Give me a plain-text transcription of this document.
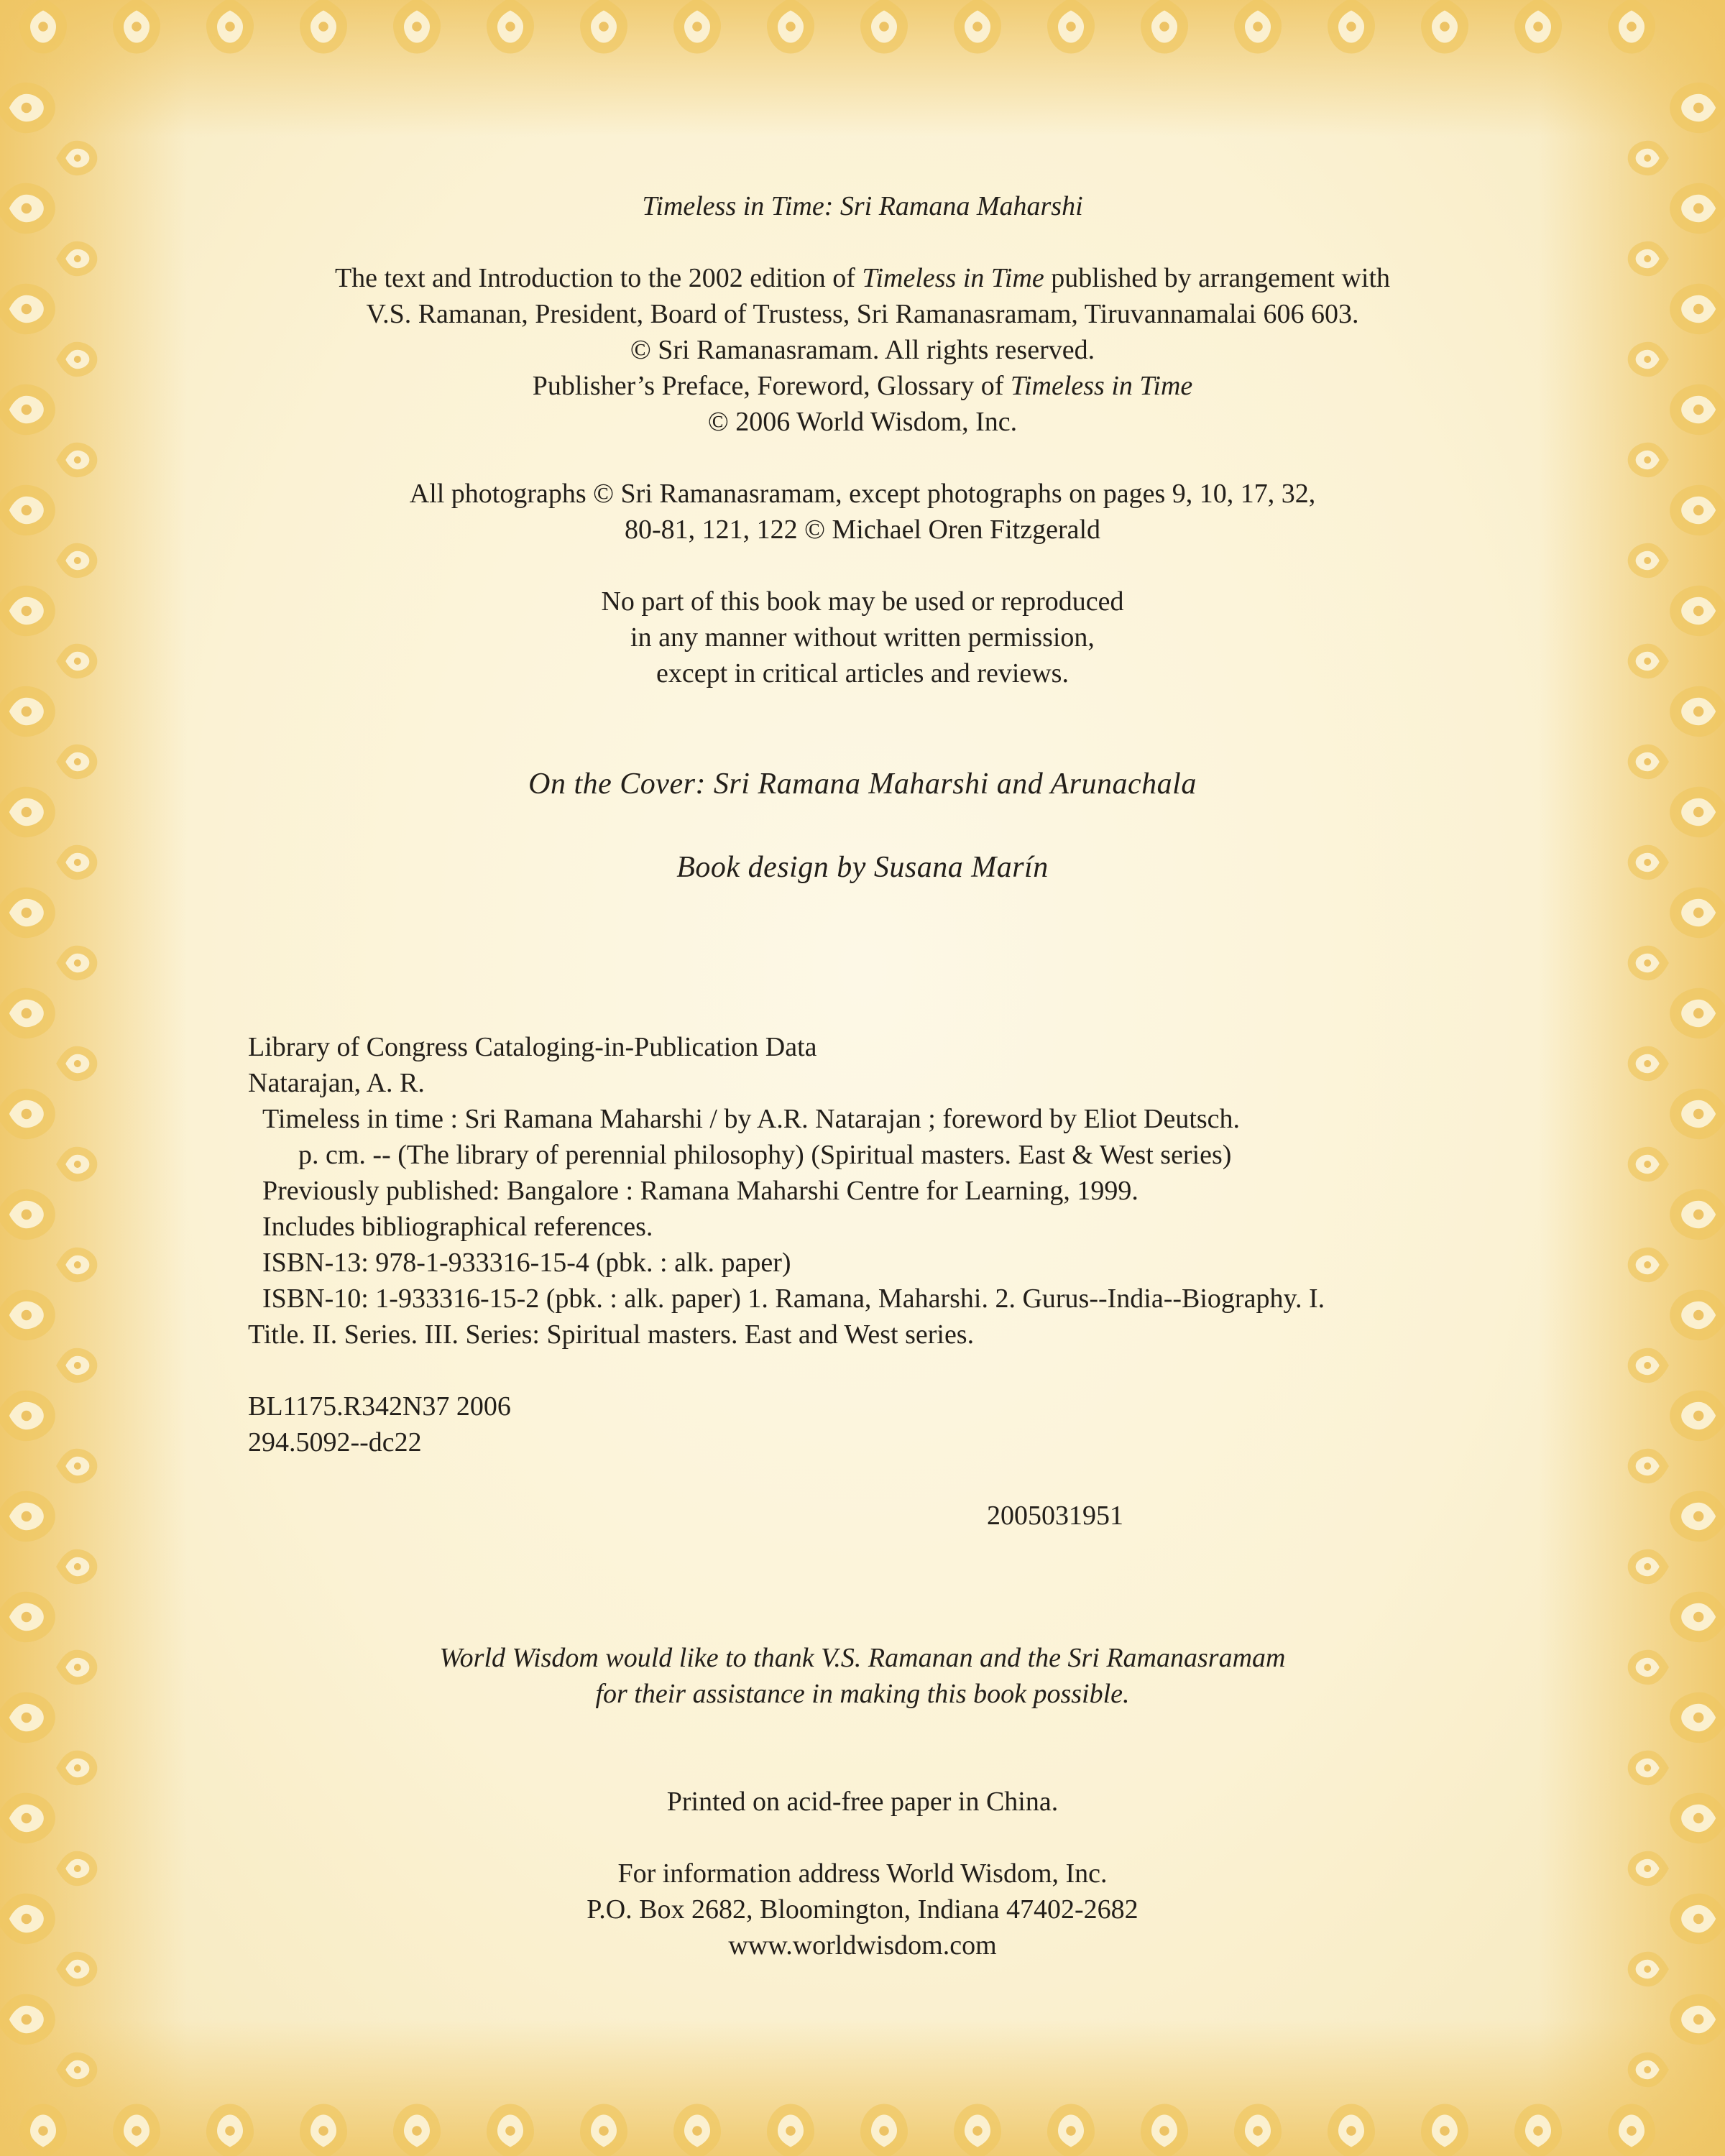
Timeless in Time: Sri Ramana Maharshi
The text and Introduction to the 2002 edition of Timeless in Time published by arrangement with
V.S. Ramanan, President, Board of Trustess, Sri Ramanasramam, Tiruvannamalai 606 603.
© Sri Ramanasramam. All rights reserved.
Publisher’s Preface, Foreword, Glossary of Timeless in Time
© 2006 World Wisdom, Inc.
All photographs © Sri Ramanasramam, except photographs on pages 9, 10, 17, 32,
80-81, 121, 122 © Michael Oren Fitzgerald
No part of this book may be used or reproduced
in any manner without written permission,
except in critical articles and reviews.
On the Cover: Sri Ramana Maharshi and Arunachala
Book design by Susana Marín
Library of Congress Cataloging-in-Publication Data
Natarajan, A. R.
Timeless in time : Sri Ramana Maharshi / by A.R. Natarajan ; foreword by Eliot Deutsch.
p. cm. -- (The library of perennial philosophy) (Spiritual masters. East & West series)
Previously published: Bangalore : Ramana Maharshi Centre for Learning, 1999.
Includes bibliographical references.
ISBN-13: 978-1-933316-15-4 (pbk. : alk. paper)
ISBN-10: 1-933316-15-2 (pbk. : alk. paper) 1. Ramana, Maharshi. 2. Gurus--India--Biography. I.
Title. II. Series. III. Series: Spiritual masters. East and West series.
BL1175.R342N37 2006
294.5092--dc22
2005031951
World Wisdom would like to thank V.S. Ramanan and the Sri Ramanasramam
for their assistance in making this book possible.
Printed on acid-free paper in China.
For information address World Wisdom, Inc.
P.O. Box 2682, Bloomington, Indiana 47402-2682
www.worldwisdom.com
